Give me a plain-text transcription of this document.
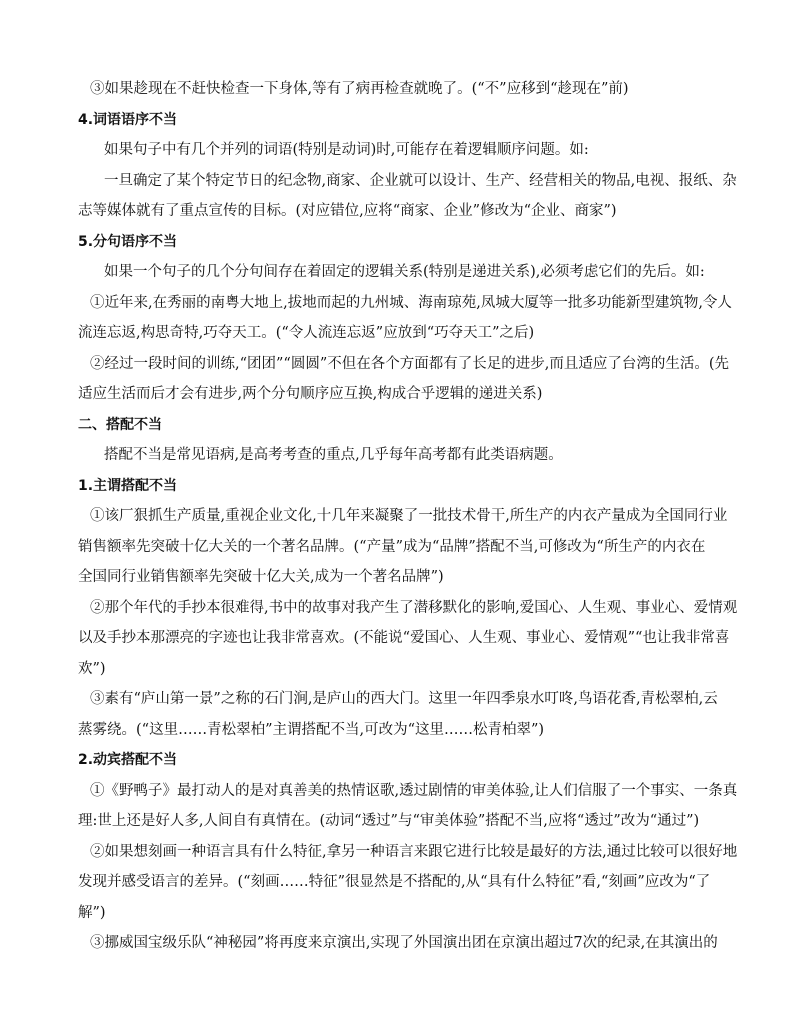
③如果趁现在不赶快检查一下身体,等有了病再检查就晚了。(“不”应移到“趁现在”前)

4.词语语序不当

如果句子中有几个并列的词语(特别是动词)时,可能存在着逻辑顺序问题。如:

一旦确定了某个特定节日的纪念物,商家、企业就可以设计、生产、经营相关的物品,电视、报纸、杂

志等媒体就有了重点宣传的目标。(对应错位,应将“商家、企业”修改为“企业、商家”)

5.分句语序不当

如果一个句子的几个分句间存在着固定的逻辑关系(特别是递进关系),必须考虑它们的先后。如:

①近年来,在秀丽的南粤大地上,拔地而起的九州城、海南琼苑,凤城大厦等一批多功能新型建筑物,令人

流连忘返,构思奇特,巧夺天工。(“令人流连忘返”应放到“巧夺天工”之后)

②经过一段时间的训练,“团团”“圆圆”不但在各个方面都有了长足的进步,而且适应了台湾的生活。(先

适应生活而后才会有进步,两个分句顺序应互换,构成合乎逻辑的递进关系)

二、搭配不当

搭配不当是常见语病,是高考考查的重点,几乎每年高考都有此类语病题。

1.主谓搭配不当

①该厂狠抓生产质量,重视企业文化,十几年来凝聚了一批技术骨干,所生产的内衣产量成为全国同行业

销售额率先突破十亿大关的一个著名品牌。(“产量”成为“品牌”搭配不当,可修改为“所生产的内衣在

全国同行业销售额率先突破十亿大关,成为一个著名品牌”)

②那个年代的手抄本很难得,书中的故事对我产生了潜移默化的影响,爱国心、人生观、事业心、爱情观

以及手抄本那漂亮的字迹也让我非常喜欢。(不能说“爱国心、人生观、事业心、爱情观”“也让我非常喜

欢”)

③素有“庐山第一景”之称的石门涧,是庐山的西大门。这里一年四季泉水叮咚,鸟语花香,青松翠柏,云

蒸雾绕。(“这里……青松翠柏”主谓搭配不当,可改为“这里……松青柏翠”)

2.动宾搭配不当

①《野鸭子》最打动人的是对真善美的热情讴歌,透过剧情的审美体验,让人们信服了一个事实、一条真

理:世上还是好人多,人间自有真情在。(动词“透过”与“审美体验”搭配不当,应将“透过”改为“通过”)

②如果想刻画一种语言具有什么特征,拿另一种语言来跟它进行比较是最好的方法,通过比较可以很好地

发现并感受语言的差异。(“刻画……特征”很显然是不搭配的,从“具有什么特征”看,“刻画”应改为“了

解”)

③挪威国宝级乐队“神秘园”将再度来京演出,实现了外国演出团在京演出超过7次的纪录,在其演出的
